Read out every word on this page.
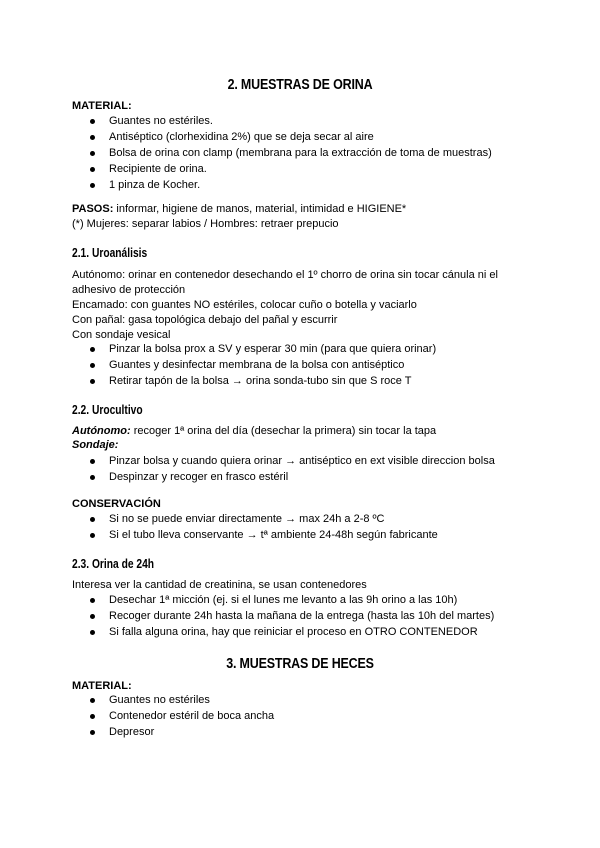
2. MUESTRAS DE ORINA
MATERIAL:
Guantes no estériles.
Antiséptico (clorhexidina 2%) que se deja secar al aire
Bolsa de orina con clamp (membrana para la extracción de toma de muestras)
Recipiente de orina.
1 pinza de Kocher.
PASOS: informar, higiene de manos, material, intimidad e HIGIENE*
(*) Mujeres: separar labios / Hombres: retraer prepucio
2.1. Uroanálisis
Autónomo: orinar en contenedor desechando el 1º chorro de orina sin tocar cánula ni el
adhesivo de protección
Encamado: con guantes NO estériles, colocar cuño o botella y vaciarlo
Con pañal: gasa topológica debajo del pañal y escurrir
Con sondaje vesical
Pinzar la bolsa prox a SV y esperar 30 min (para que quiera orinar)
Guantes y desinfectar membrana de la bolsa con antiséptico
Retirar tapón de la bolsa → orina sonda-tubo sin que S roce T
2.2. Urocultivo
Autónomo: recoger 1ª orina del día (desechar la primera) sin tocar la tapa
Sondaje:
Pinzar bolsa y cuando quiera orinar → antiséptico en ext visible direccion bolsa
Despinzar y recoger en frasco estéril
CONSERVACIÓN
Si no se puede enviar directamente → max 24h a 2-8 ºC
Si el tubo lleva conservante → tª ambiente 24-48h según fabricante
2.3. Orina de 24h
Interesa ver la cantidad de creatinina, se usan contenedores
Desechar 1ª micción (ej. si el lunes me levanto a las 9h orino a las 10h)
Recoger durante 24h hasta la mañana de la entrega (hasta las 10h del martes)
Si falla alguna orina, hay que reiniciar el proceso en OTRO CONTENEDOR
3. MUESTRAS DE HECES
MATERIAL:
Guantes no estériles
Contenedor estéril de boca ancha
Depresor
